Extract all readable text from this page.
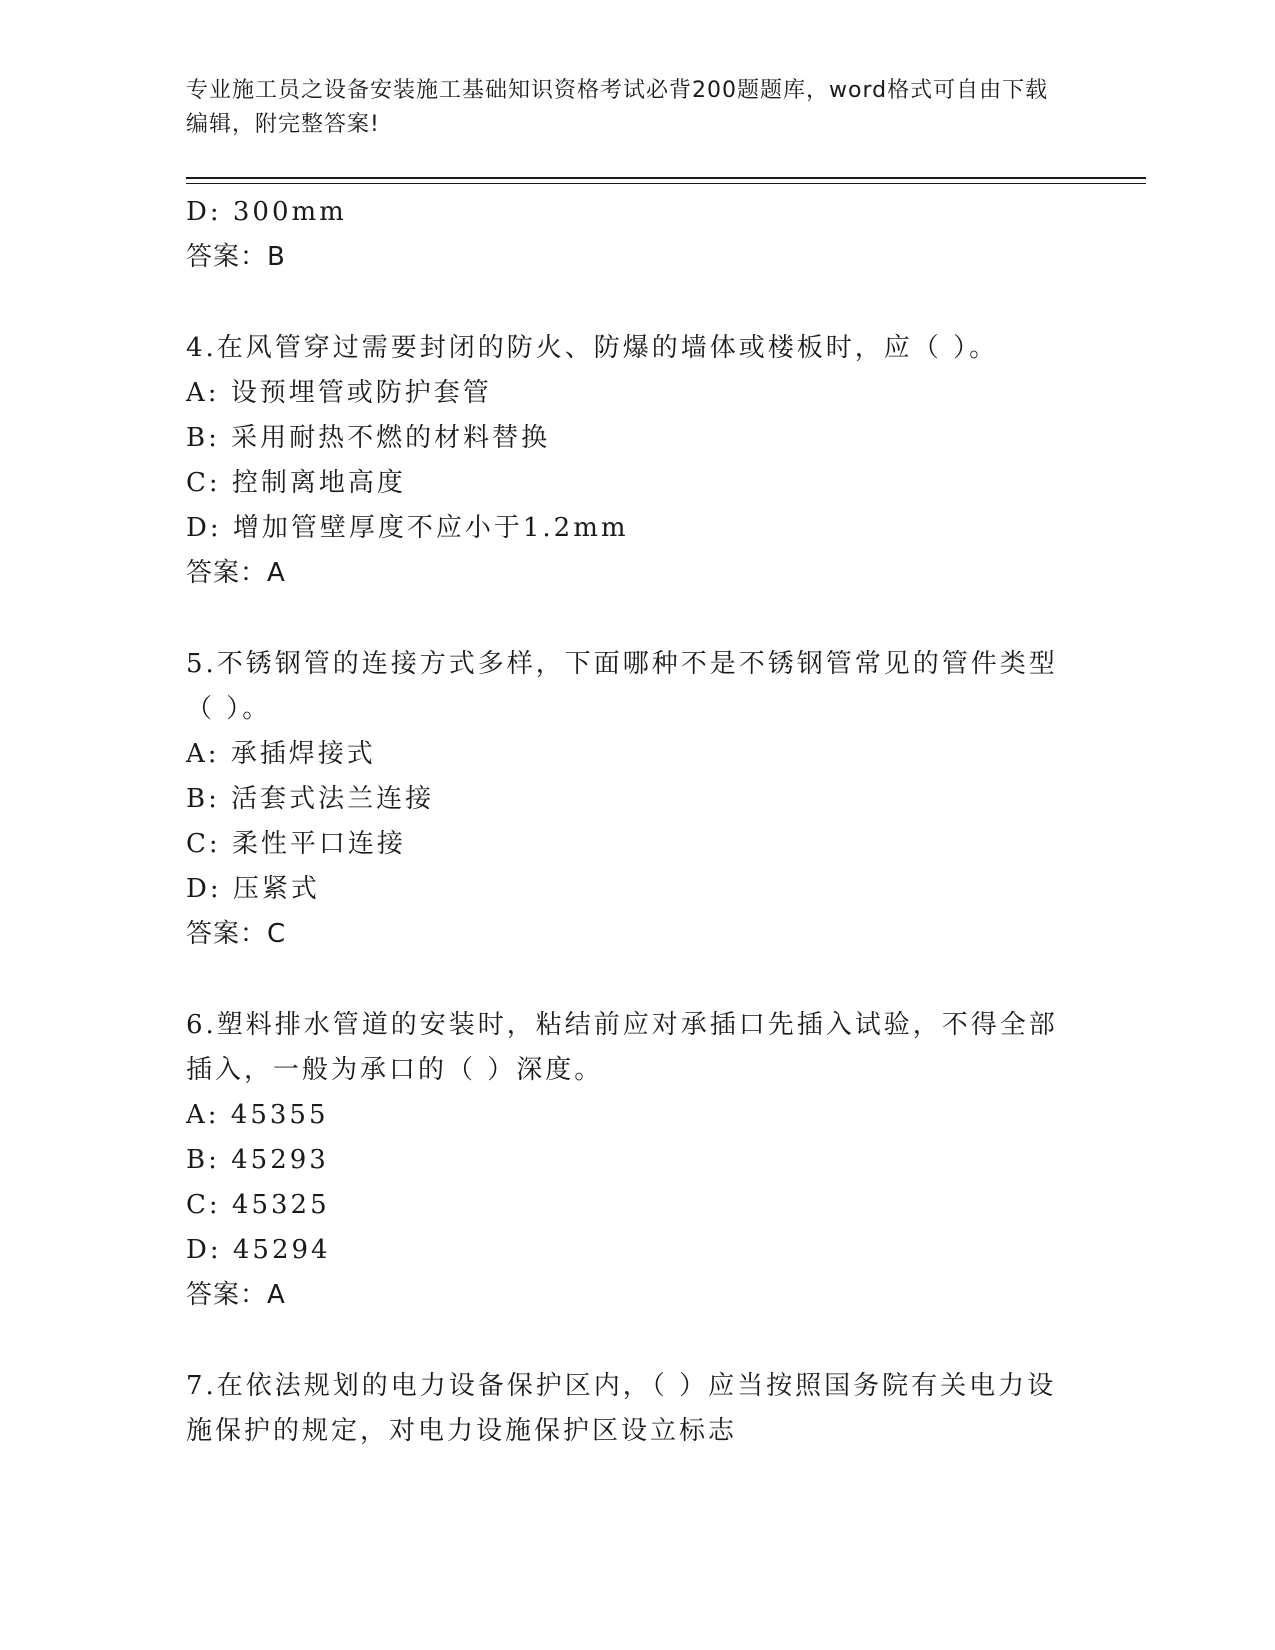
专业施工员之设备安装施工基础知识资格考试必背200题题库，word格式可自由下载编辑，附完整答案!
D: 300mm
答案：B
4.在风管穿过需要封闭的防火、防爆的墙体或楼板时，应（ ）。
A: 设预埋管或防护套管
B: 采用耐热不燃的材料替换
C: 控制离地高度
D: 增加管壁厚度不应小于1.2mm
答案：A
5.不锈钢管的连接方式多样，下面哪种不是不锈钢管常见的管件类型（ ）。
A: 承插焊接式
B: 活套式法兰连接
C: 柔性平口连接
D: 压紧式
答案：C
6.塑料排水管道的安装时，粘结前应对承插口先插入试验，不得全部插入，一般为承口的（ ）深度。
A: 45355
B: 45293
C: 45325
D: 45294
答案：A
7.在依法规划的电力设备保护区内，（ ）应当按照国务院有关电力设施保护的规定，对电力设施保护区设立标志
